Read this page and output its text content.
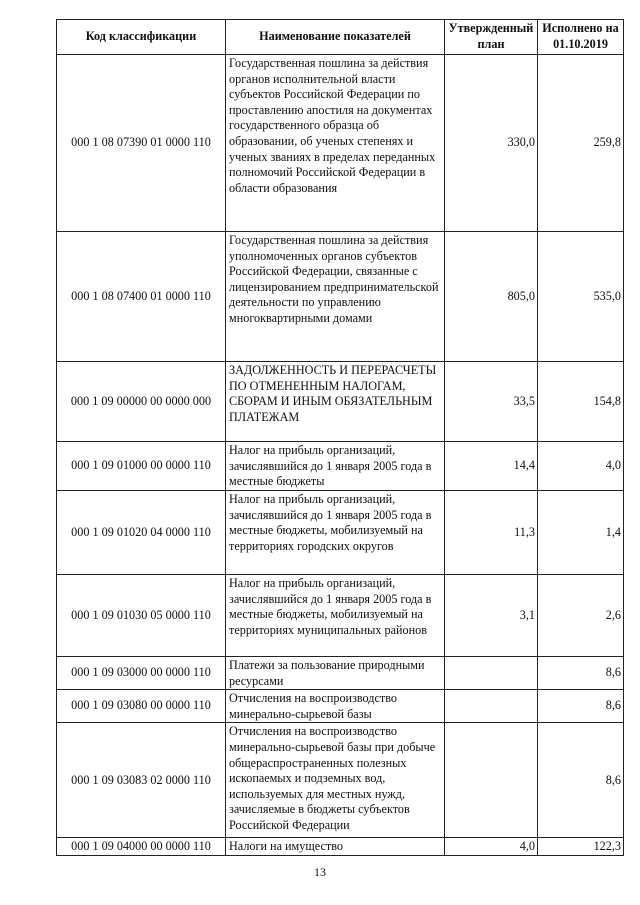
Код классификации	Наименование показателей	Утвержденный план	Исполнено на 01.10.2019
000 1 08 07390 01 0000 110	Государственная пошлина за действия органов исполнительной власти субъектов Российской Федерации по проставлению апостиля на документах государственного образца об образовании, об ученых степенях и ученых званиях в пределах переданных полномочий Российской Федерации в области образования	330,0	259,8
000 1 08 07400 01 0000 110	Государственная пошлина за действия уполномоченных органов субъектов Российской Федерации, связанные с лицензированием предпринимательской деятельности по управлению многоквартирными домами	805,0	535,0
000 1 09 00000 00 0000 000	ЗАДОЛЖЕННОСТЬ И ПЕРЕРАСЧЕТЫ ПО ОТМЕНЕННЫМ НАЛОГАМ, СБОРАМ И ИНЫМ ОБЯЗАТЕЛЬНЫМ ПЛАТЕЖАМ	33,5	154,8
000 1 09 01000 00 0000 110	Налог на прибыль организаций, зачислявшийся до 1 января 2005 года в местные бюджеты	14,4	4,0
000 1 09 01020 04 0000 110	Налог на прибыль организаций, зачислявшийся до 1 января 2005 года в местные бюджеты, мобилизуемый на территориях городских округов	11,3	1,4
000 1 09 01030 05 0000 110	Налог на прибыль организаций, зачислявшийся до 1 января 2005 года в местные бюджеты, мобилизуемый на территориях муниципальных районов	3,1	2,6
000 1 09 03000 00 0000 110	Платежи за пользование природными ресурсами		8,6
000 1 09 03080 00 0000 110	Отчисления на воспроизводство минерально-сырьевой базы		8,6
000 1 09 03083 02 0000 110	Отчисления на воспроизводство минерально-сырьевой базы при добыче общераспространенных полезных ископаемых и подземных вод, используемых для местных нужд, зачисляемые в бюджеты субъектов Российской Федерации		8,6
000 1 09 04000 00 0000 110	Налоги на имущество	4,0	122,3
13
